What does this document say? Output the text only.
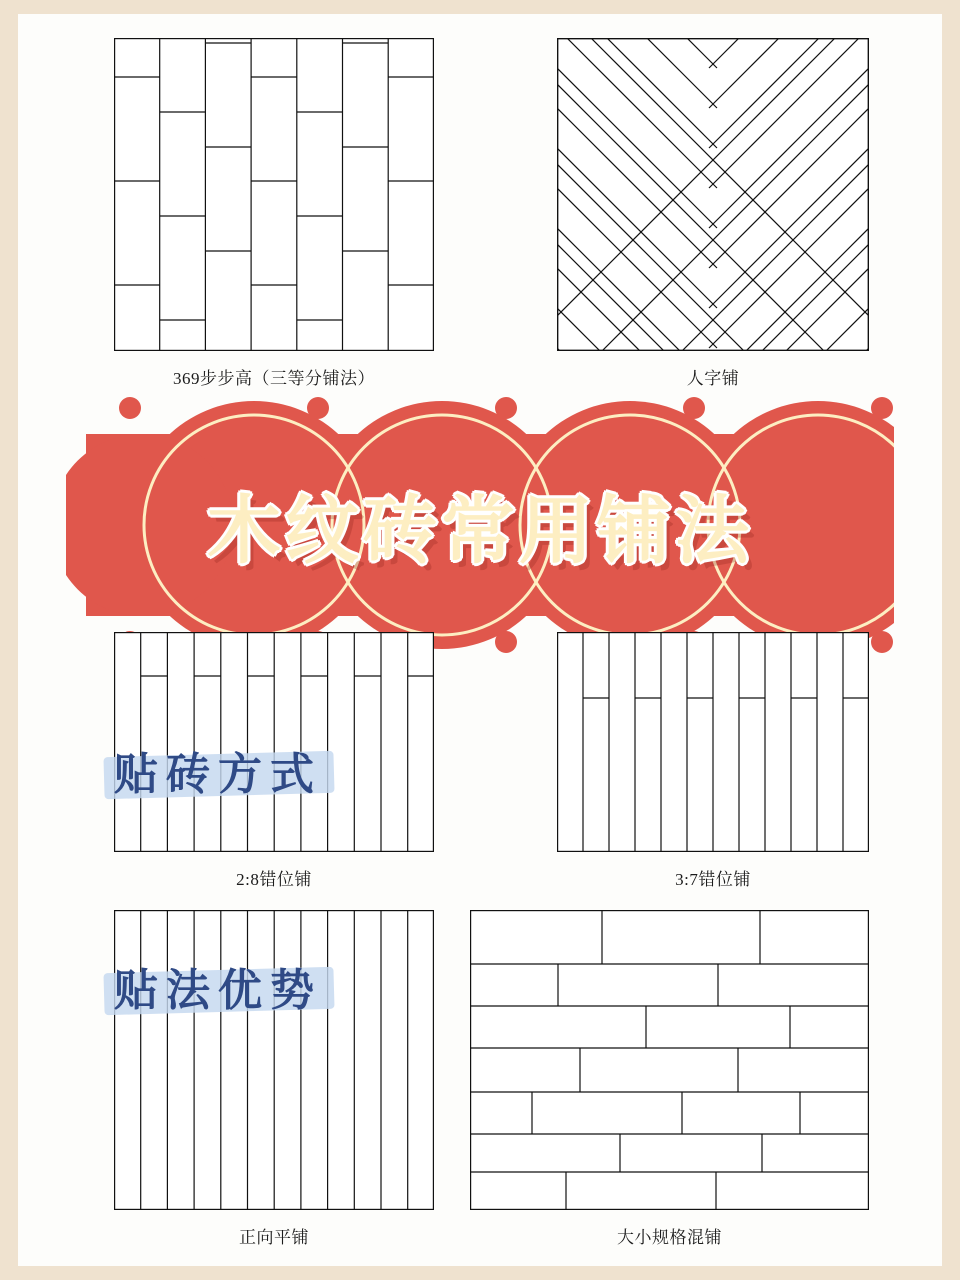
369步步高（三等分铺法）	人字铺
木纹砖常用铺法
2:8错位铺	3:7错位铺
正向平铺	大小规格混铺
贴砖方式
贴法优势
